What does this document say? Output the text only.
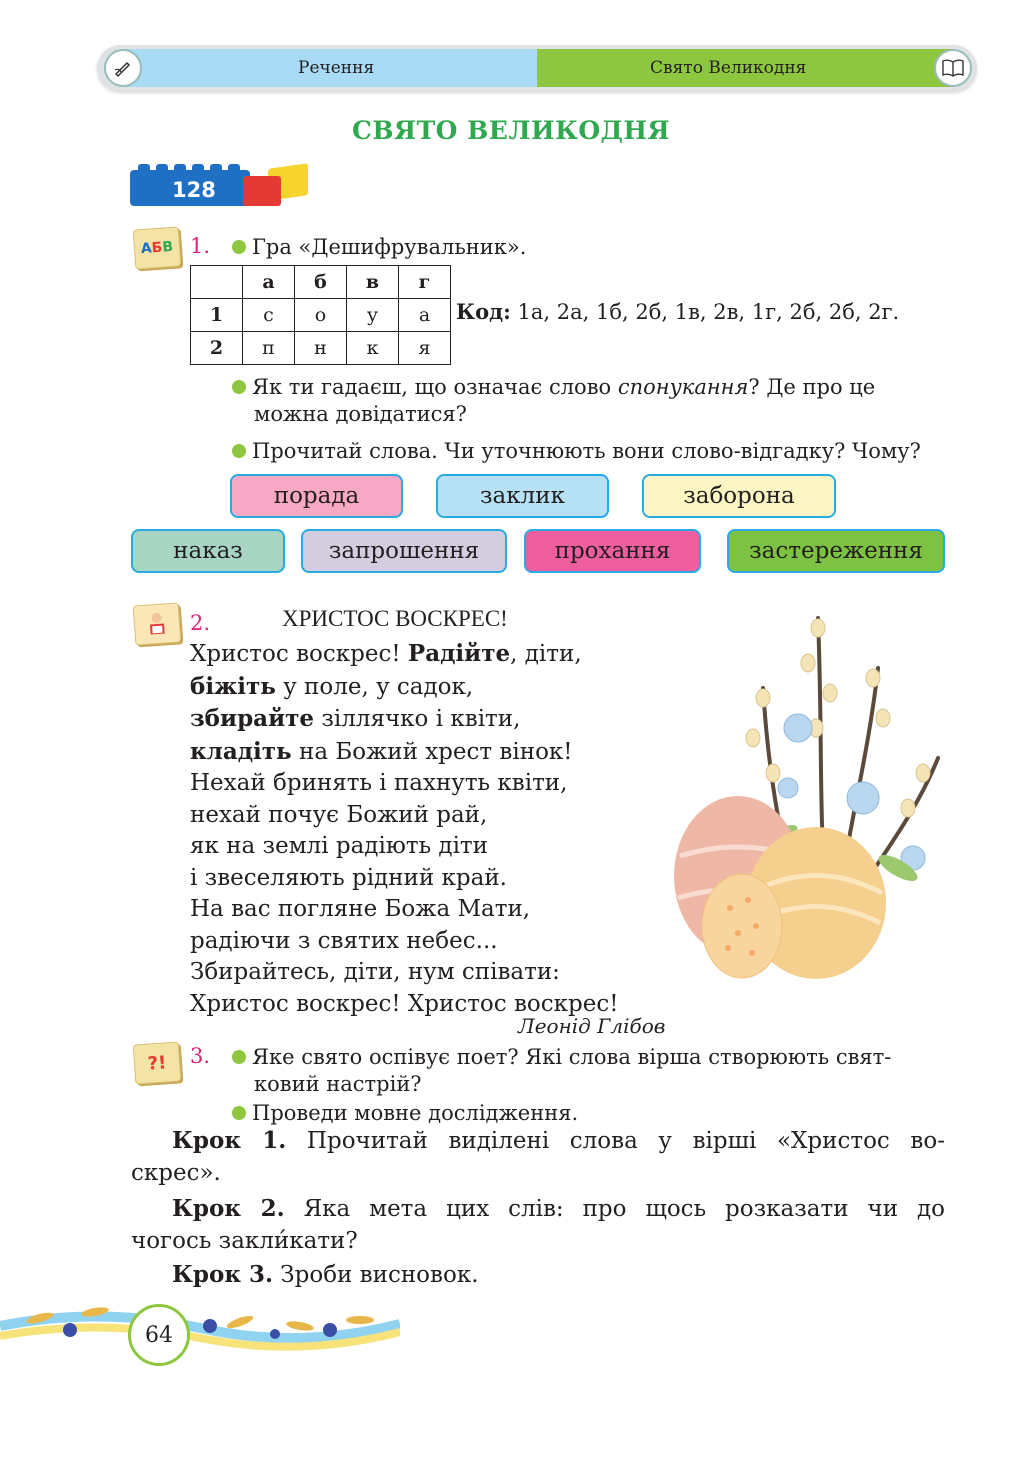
Речення	Свято Великодня
СВЯТО ВЕЛИКОДНЯ
128
А
Б
В 1.	Гра «Дешифрувальник».
	а	б	в	г
1	с	о	у	а
2	п	н	к	я
Код: 1а, 2а, 1б, 2б, 1в, 2в, 1г, 2б, 2б, 2г.
Як ти гадаєш, що означає слово спонукання? Де про це
можна довідатися?
Прочитай слова. Чи уточнюють вони слово-відгадку? Чому?
порада	заклик	заборона
наказ	запрошення	прохання	застереження
2.	ХРИСТОС ВОСКРЕС!
Христос воскрес! Радійте, діти,
біжіть у поле, у садок,
збирайте зіллячко і квіти,
кладіть на Божий хрест вінок!
Нехай бринять і пахнуть квіти,
нехай почує Божий рай,
як на землі радіють діти
і звеселяють рідний край.
На вас погляне Божа Мати,
радіючи з святих небес...
Збирайтесь, діти, нум співати:
Христос воскрес! Христос воскрес!
Леонід Глібов
?! 3.	Яке свято оспівує поет? Які слова вірша створюють свят-
ковий настрій?
Проведи мовне дослідження.
Крок 1. Прочитай виділені слова у вірші «Христос во-
скрес».
Крок 2. Яка мета цих слів: про щось розказати чи до
чогось закли́кати?
Крок 3. Зроби висновок.
64
